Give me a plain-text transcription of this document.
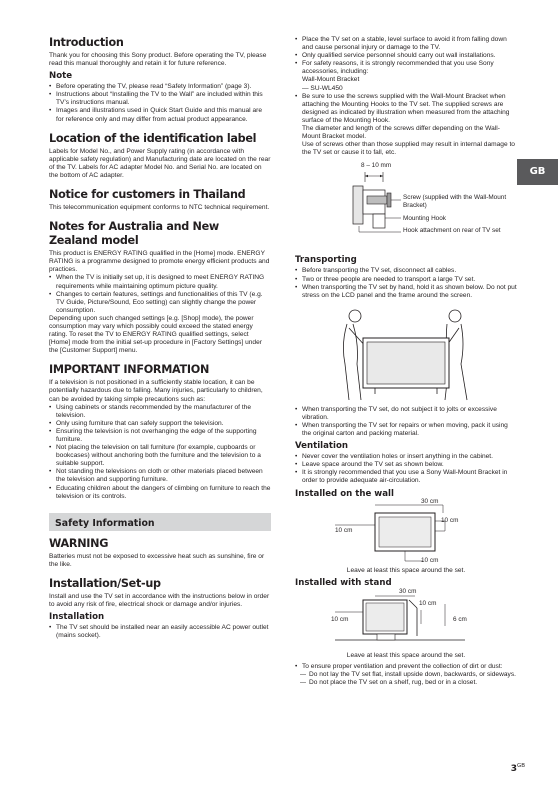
Introduction
Thank you for choosing this Sony product. Before operating the TV, please read this manual thoroughly and retain it for future reference.
Note
• Before operating the TV, please read “Safety Information” (page 3).
• Instructions about “Installing the TV to the Wall” are included within this TV’s instructions manual.
• Images and illustrations used in Quick Start Guide and this manual are for reference only and may differ from actual product appearance.
Location of the identification label
Labels for Model No., and Power Supply rating (in accordance with applicable safety regulation) and Manufacturing date are located on the rear of the TV. Labels for AC adapter Model No. and Serial No. are located on the bottom of AC adapter.
Notice for customers in Thailand
This telecommunication equipment conforms to NTC technical requirement.
Notes for Australia and New Zealand model
This product is ENERGY RATING qualified in the [Home] mode. ENERGY RATING is a programme designed to promote energy efficient products and practices.
• When the TV is initially set up, it is designed to meet ENERGY RATING requirements while maintaining optimum picture quality.
• Changes to certain features, settings and functionalities of this TV (e.g. TV Guide, Picture/Sound, Eco setting) can slightly change the power consumption.
Depending upon such changed settings [e.g. [Shop] mode), the power consumption may vary which possibly could exceed the stated energy rating. To reset the TV to ENERGY RATING qualified settings, select [Home] mode from the initial set-up procedure in [Factory Settings] under the [Customer Support] menu.
IMPORTANT INFORMATION
If a television is not positioned in a sufficiently stable location, it can be potentially hazardous due to falling. Many injuries, particularly to children, can be avoided by taking simple precautions such as:
• Using cabinets or stands recommended by the manufacturer of the television.
• Only using furniture that can safely support the television.
• Ensuring the television is not overhanging the edge of the supporting furniture.
• Not placing the television on tall furniture (for example, cupboards or bookcases) without anchoring both the furniture and the television to a suitable support.
• Not standing the televisions on cloth or other materials placed between the television and supporting furniture.
• Educating children about the dangers of climbing on furniture to reach the television or its controls.
Safety Information
WARNING
Batteries must not be exposed to excessive heat such as sunshine, fire or the like.
Installation/Set-up
Install and use the TV set in accordance with the instructions below in order to avoid any risk of fire, electrical shock or damage and/or injuries.
Installation
• The TV set should be installed near an easily accessible AC power outlet (mains socket).
• Place the TV set on a stable, level surface to avoid it from falling down and cause personal injury or damage to the TV.
• Only qualified service personnel should carry out wall installations.
• For safety reasons, it is strongly recommended that you use Sony accessories, including:
Wall-Mount Bracket
— SU-WL450
• Be sure to use the screws supplied with the Wall-Mount Bracket when attaching the Mounting Hooks to the TV set. The supplied screws are designed as indicated by illustration when measured from the attaching surface of the Mounting Hook.
The diameter and length of the screws differ depending on the Wall-Mount Bracket model.
Use of screws other than those supplied may result in internal damage to the TV set or cause it to fall, etc.
8 – 10 mm
Screw (supplied with the Wall-Mount Bracket)
Mounting Hook
Hook attachment on rear of TV set
Transporting
• Before transporting the TV set, disconnect all cables.
• Two or three people are needed to transport a large TV set.
• When transporting the TV set by hand, hold it as shown below. Do not put stress on the LCD panel and the frame around the screen.
• When transporting the TV set, do not subject it to jolts or excessive vibration.
• When transporting the TV set for repairs or when moving, pack it using the original carton and packing material.
Ventilation
• Never cover the ventilation holes or insert anything in the cabinet.
• Leave space around the TV set as shown below.
• It is strongly recommended that you use a Sony Wall-Mount Bracket in order to provide adequate air-circulation.
Installed on the wall
30 cm
10 cm
10 cm
10 cm
Leave at least this space around the set.
Installed with stand
30 cm
10 cm
10 cm
6 cm
Leave at least this space around the set.
• To ensure proper ventilation and prevent the collection of dirt or dust:
— Do not lay the TV set flat, install upside down, backwards, or sideways.
— Do not place the TV set on a shelf, rug, bed or in a closet.
GB
$3_{GB}$
